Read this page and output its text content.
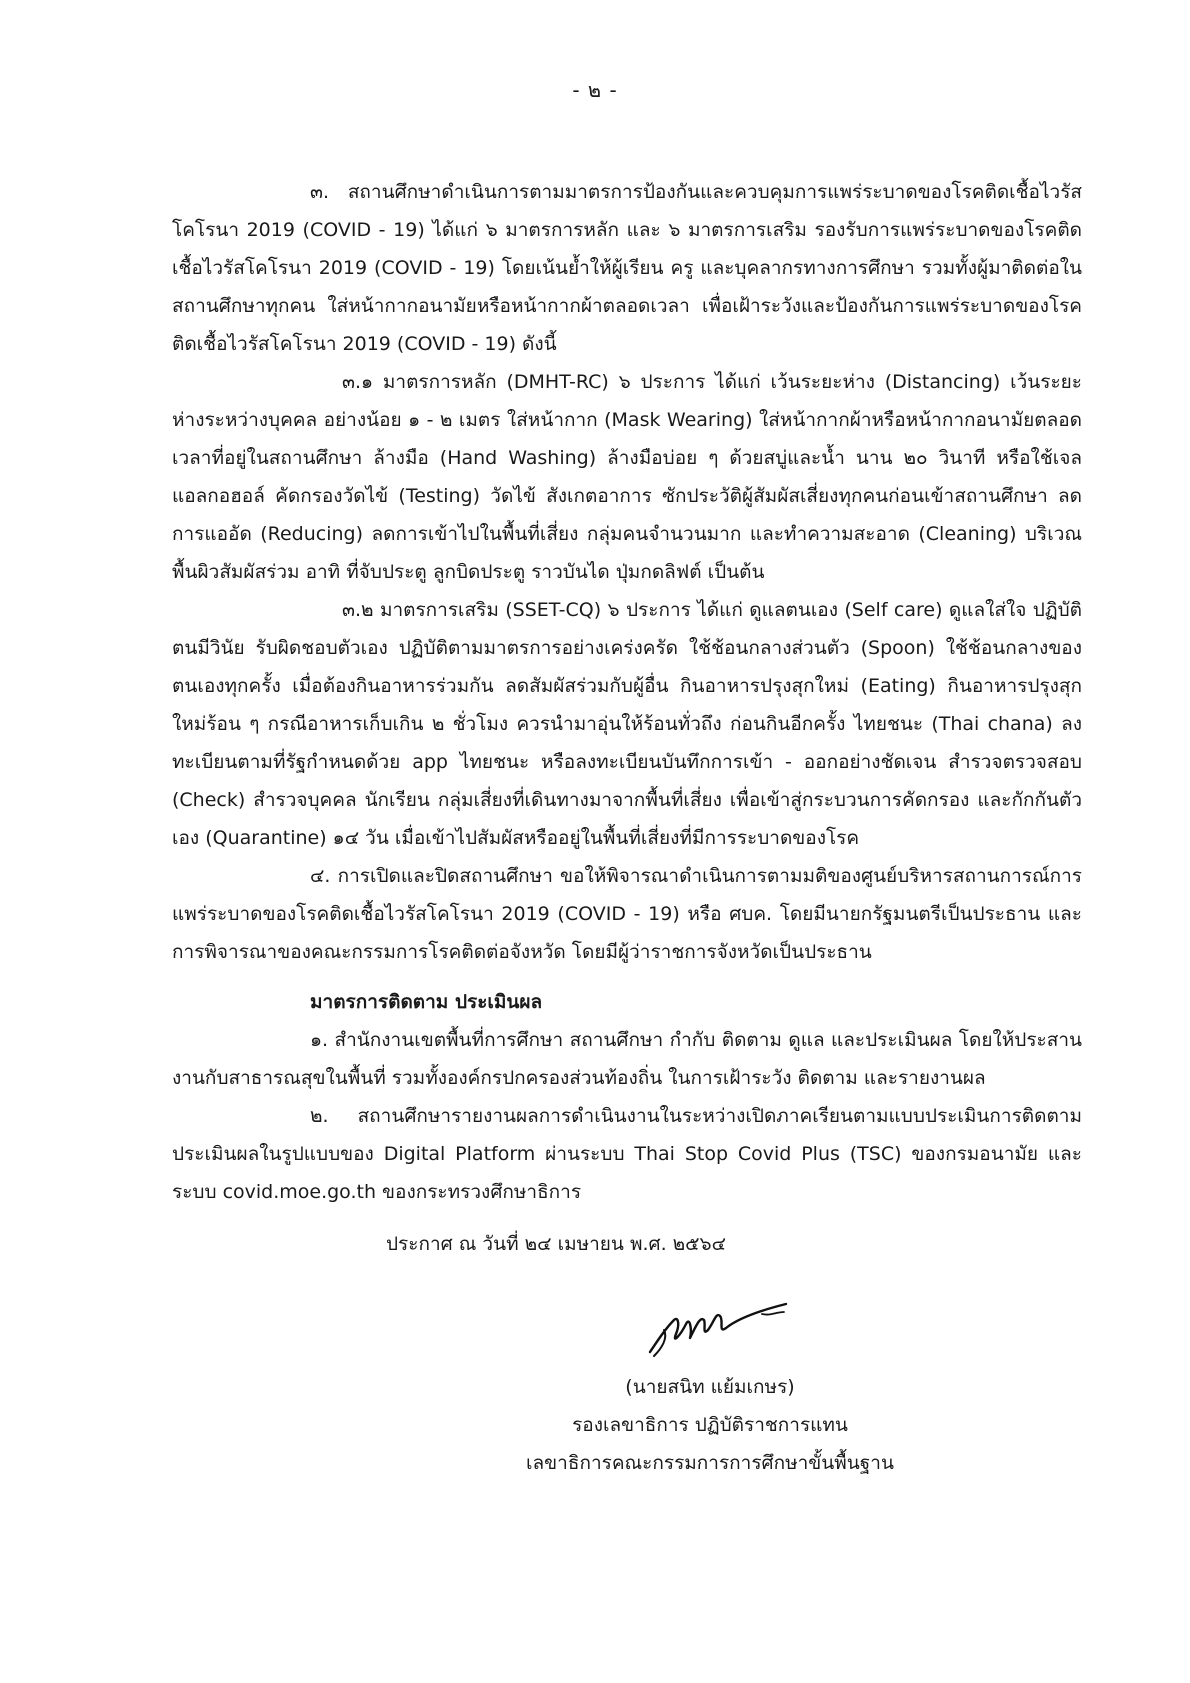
- ๒ -

๓. สถานศึกษาดำเนินการตามมาตรการป้องกันและควบคุมการแพร่ระบาดของโรคติดเชื้อไวรัสโคโรนา 2019 (COVID - 19) ได้แก่ ๖ มาตรการหลัก และ ๖ มาตรการเสริม รองรับการแพร่ระบาดของโรคติดเชื้อไวรัสโคโรนา 2019 (COVID - 19) โดยเน้นย้ำให้ผู้เรียน ครู และบุคลากรทางการศึกษา รวมทั้งผู้มาติดต่อในสถานศึกษาทุกคน ใส่หน้ากากอนามัยหรือหน้ากากผ้าตลอดเวลา เพื่อเฝ้าระวังและป้องกันการแพร่ระบาดของโรคติดเชื้อไวรัสโคโรนา 2019 (COVID - 19) ดังนี้

๓.๑ มาตรการหลัก (DMHT-RC) ๖ ประการ ได้แก่ เว้นระยะห่าง (Distancing) เว้นระยะห่างระหว่างบุคคล อย่างน้อย ๑ - ๒ เมตร ใส่หน้ากาก (Mask Wearing) ใส่หน้ากากผ้าหรือหน้ากากอนามัยตลอดเวลาที่อยู่ในสถานศึกษา ล้างมือ (Hand Washing) ล้างมือบ่อย ๆ ด้วยสบู่และน้ำ นาน ๒๐ วินาที หรือใช้เจลแอลกอฮอล์ คัดกรองวัดไข้ (Testing) วัดไข้ สังเกตอาการ ซักประวัติผู้สัมผัสเสี่ยงทุกคนก่อนเข้าสถานศึกษา ลดการแออัด (Reducing) ลดการเข้าไปในพื้นที่เสี่ยง กลุ่มคนจำนวนมาก และทำความสะอาด (Cleaning) บริเวณพื้นผิวสัมผัสร่วม อาทิ ที่จับประตู ลูกบิดประตู ราวบันได ปุ่มกดลิฟต์ เป็นต้น

๓.๒ มาตรการเสริม (SSET-CQ) ๖ ประการ ได้แก่ ดูแลตนเอง (Self care) ดูแลใส่ใจ ปฏิบัติตนมีวินัย รับผิดชอบตัวเอง ปฏิบัติตามมาตรการอย่างเคร่งครัด ใช้ช้อนกลางส่วนตัว (Spoon) ใช้ช้อนกลางของตนเองทุกครั้ง เมื่อต้องกินอาหารร่วมกัน ลดสัมผัสร่วมกับผู้อื่น กินอาหารปรุงสุกใหม่ (Eating) กินอาหารปรุงสุกใหม่ร้อน ๆ กรณีอาหารเก็บเกิน ๒ ชั่วโมง ควรนำมาอุ่นให้ร้อนทั่วถึง ก่อนกินอีกครั้ง ไทยชนะ (Thai chana) ลงทะเบียนตามที่รัฐกำหนดด้วย app ไทยชนะ หรือลงทะเบียนบันทึกการเข้า - ออกอย่างชัดเจน สำรวจตรวจสอบ (Check) สำรวจบุคคล นักเรียน กลุ่มเสี่ยงที่เดินทางมาจากพื้นที่เสี่ยง เพื่อเข้าสู่กระบวนการคัดกรอง และกักกันตัวเอง (Quarantine) ๑๔ วัน เมื่อเข้าไปสัมผัสหรืออยู่ในพื้นที่เสี่ยงที่มีการระบาดของโรค

๔. การเปิดและปิดสถานศึกษา ขอให้พิจารณาดำเนินการตามมติของศูนย์บริหารสถานการณ์การแพร่ระบาดของโรคติดเชื้อไวรัสโคโรนา 2019 (COVID - 19) หรือ ศบค. โดยมีนายกรัฐมนตรีเป็นประธาน และการพิจารณาของคณะกรรมการโรคติดต่อจังหวัด โดยมีผู้ว่าราชการจังหวัดเป็นประธาน

มาตรการติดตาม ประเมินผล

๑. สำนักงานเขตพื้นที่การศึกษา สถานศึกษา กำกับ ติดตาม ดูแล และประเมินผล โดยให้ประสานงานกับสาธารณสุขในพื้นที่ รวมทั้งองค์กรปกครองส่วนท้องถิ่น ในการเฝ้าระวัง ติดตาม และรายงานผล

๒. สถานศึกษารายงานผลการดำเนินงานในระหว่างเปิดภาคเรียนตามแบบประเมินการติดตามประเมินผลในรูปแบบของ Digital Platform ผ่านระบบ Thai Stop Covid Plus (TSC) ของกรมอนามัย และระบบ covid.moe.go.th ของกระทรวงศึกษาธิการ

ประกาศ ณ วันที่ ๒๔ เมษายน พ.ศ. ๒๕๖๔

(นายสนิท แย้มเกษร)

รองเลขาธิการ ปฏิบัติราชการแทน

เลขาธิการคณะกรรมการการศึกษาขั้นพื้นฐาน
